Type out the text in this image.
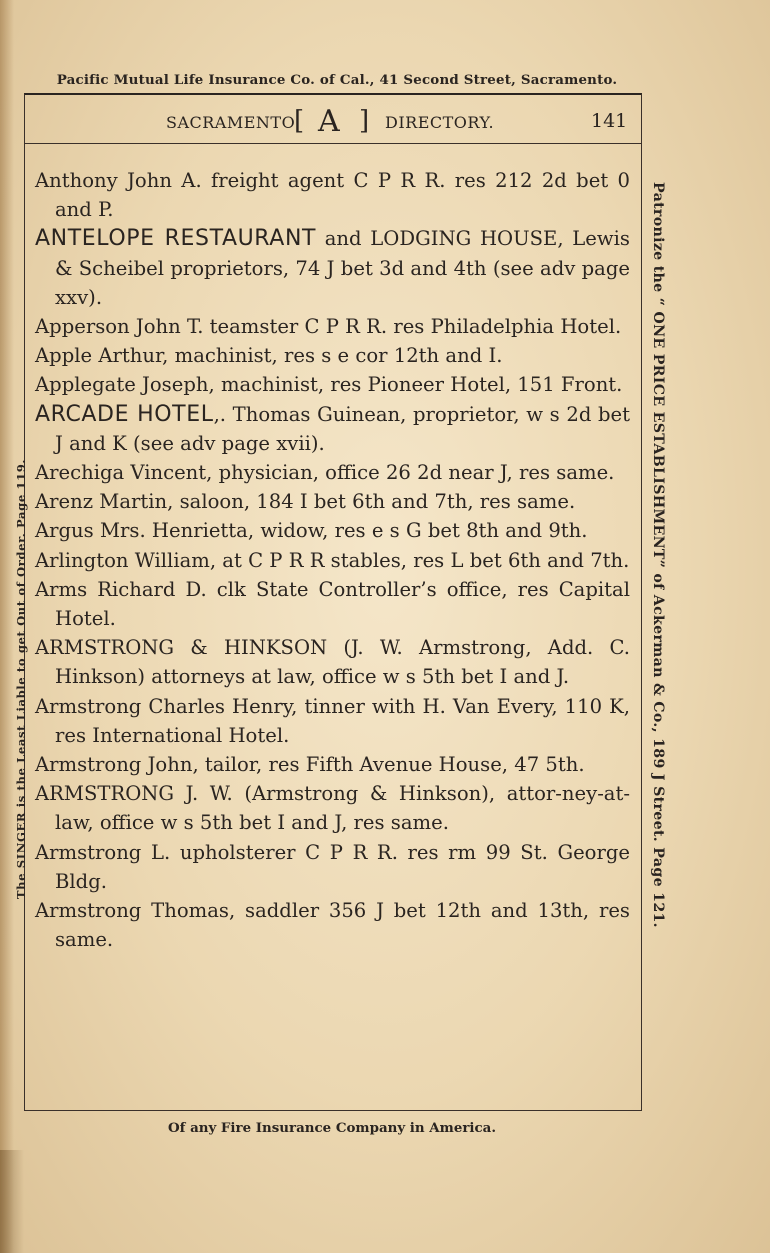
Pacific Mutual Life Insurance Co. of Cal., 41 Second Street, Sacramento.
SACRAMENTO
[ A ] DIRECTORY.	141

Anthony John A. freight agent C P R R. res 212 2d bet 0 and P.

ANTELOPE RESTAURANT and LODGING HOUSE, Lewis & Scheibel proprietors, 74 J bet 3d and 4th (see adv page xxv).

Apperson John T. teamster C P R R. res Philadelphia Hotel.

Apple Arthur, machinist, res s e cor 12th and I.

Applegate Joseph, machinist, res Pioneer Hotel, 151 Front.

ARCADE HOTEL,. Thomas Guinean, proprietor, w s 2d bet J and K (see adv page xvii).

Arechiga Vincent, physician, office 26 2d near J, res same.

Arenz Martin, saloon, 184 I bet 6th and 7th, res same.

Argus Mrs. Henrietta, widow, res e s G bet 8th and 9th.

Arlington William, at C P R R stables, res L bet 6th and 7th.

Arms Richard D. clk State Controller’s office, res Capital Hotel.

ARMSTRONG & HINKSON (J. W. Armstrong, Add. C. Hinkson) attorneys at law, office w s 5th bet I and J.

Armstrong Charles Henry, tinner with H. Van Every, 110 K, res International Hotel.

Armstrong John, tailor, res Fifth Avenue House, 47 5th.

ARMSTRONG J. W. (Armstrong & Hinkson), attor-ney-at-law, office w s 5th bet I and J, res same.

Armstrong L. upholsterer C P R R. res rm 99 St. George Bldg.

Armstrong Thomas, saddler 356 J bet 12th and 13th, res same.

Of any Fire Insurance Company in America.
The SINGER is the Least Liable to get Out of Order. Page 119.	Patronize the “ ONE PRICE ESTABLISHMENT” of Ackerman & Co., 189 J Street. Page 121.
